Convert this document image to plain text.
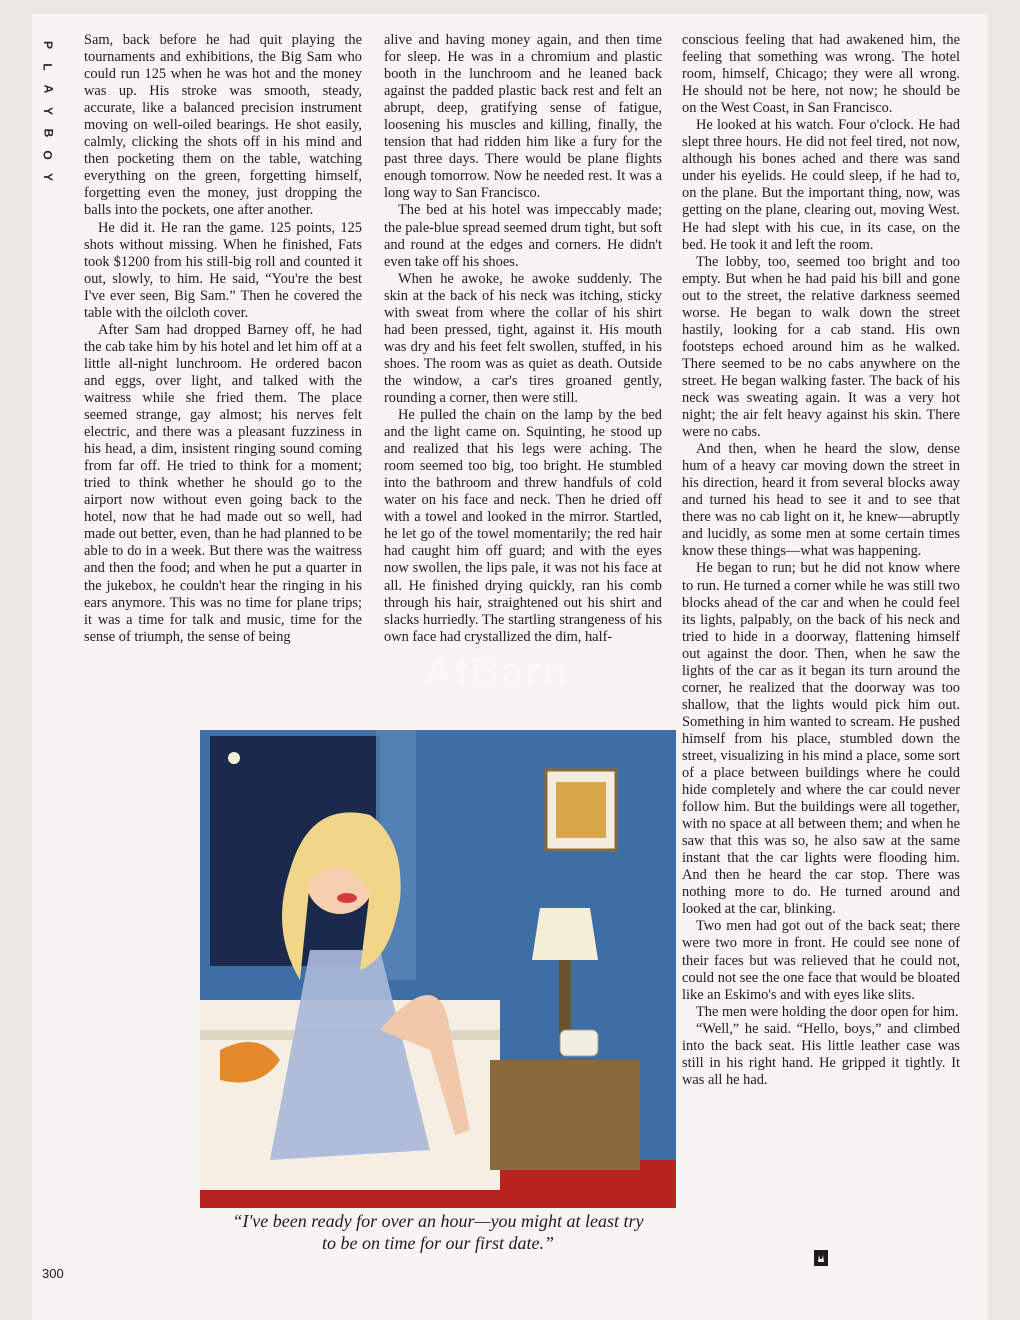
P
L
A
Y
B
O
Y

Sam, back before he had quit playing the tournaments and exhibitions, the Big Sam who could run 125 when he was hot and the money was up. His stroke was smooth, steady, accurate, like a balanced precision instrument moving on well-oiled bearings. He shot easily, calmly, clicking the shots off in his mind and then pocketing them on the table, watching everything on the green, forgetting himself, forgetting even the money, just dropping the balls into the pockets, one after another.

He did it. He ran the game. 125 points, 125 shots without missing. When he finished, Fats took $1200 from his still-big roll and counted it out, slowly, to him. He said, “You're the best I've ever seen, Big Sam.” Then he covered the table with the oilcloth cover.

After Sam had dropped Barney off, he had the cab take him by his hotel and let him off at a little all-night lunchroom. He ordered bacon and eggs, over light, and talked with the waitress while she fried them. The place seemed strange, gay almost; his nerves felt electric, and there was a pleasant fuzziness in his head, a dim, insistent ringing sound coming from far off. He tried to think for a moment; tried to think whether he should go to the airport now without even going back to the hotel, now that he had made out so well, had made out better, even, than he had planned to be able to do in a week. But there was the waitress and then the food; and when he put a quarter in the jukebox, he couldn't hear the ringing in his ears anymore. This was no time for plane trips; it was a time for talk and music, time for the sense of triumph, the sense of being

alive and having money again, and then time for sleep. He was in a chromium and plastic booth in the lunchroom and he leaned back against the padded plastic back rest and felt an abrupt, deep, gratifying sense of fatigue, loosening his muscles and killing, finally, the tension that had ridden him like a fury for the past three days. There would be plane flights enough tomorrow. Now he needed rest. It was a long way to San Francisco.

The bed at his hotel was impeccably made; the pale-blue spread seemed drum tight, but soft and round at the edges and corners. He didn't even take off his shoes.

When he awoke, he awoke suddenly. The skin at the back of his neck was itching, sticky with sweat from where the collar of his shirt had been pressed, tight, against it. His mouth was dry and his feet felt swollen, stuffed, in his shoes. The room was as quiet as death. Outside the window, a car's tires groaned gently, rounding a corner, then were still.

He pulled the chain on the lamp by the bed and the light came on. Squinting, he stood up and realized that his legs were aching. The room seemed too big, too bright. He stumbled into the bathroom and threw handfuls of cold water on his face and neck. Then he dried off with a towel and looked in the mirror. Startled, he let go of the towel momentarily; the red hair had caught him off guard; and with the eyes now swollen, the lips pale, it was not his face at all. He finished drying quickly, ran his comb through his hair, straightened out his shirt and slacks hurriedly. The startling strangeness of his own face had crystallized the dim, half-

conscious feeling that had awakened him, the feeling that something was wrong. The hotel room, himself, Chicago; they were all wrong. He should not be here, not now; he should be on the West Coast, in San Francisco.

He looked at his watch. Four o'clock. He had slept three hours. He did not feel tired, not now, although his bones ached and there was sand under his eyelids. He could sleep, if he had to, on the plane. But the important thing, now, was getting on the plane, clearing out, moving West. He had slept with his cue, in its case, on the bed. He took it and left the room.

The lobby, too, seemed too bright and too empty. But when he had paid his bill and gone out to the street, the relative darkness seemed worse. He began to walk down the street hastily, looking for a cab stand. His own footsteps echoed around him as he walked. There seemed to be no cabs anywhere on the street. He began walking faster. The back of his neck was sweating again. It was a very hot night; the air felt heavy against his skin. There were no cabs.

And then, when he heard the slow, dense hum of a heavy car moving down the street in his direction, heard it from several blocks away and turned his head to see it and to see that there was no cab light on it, he knew—abruptly and lucidly, as some men at some certain times know these things—what was happening.

He began to run; but he did not know where to run. He turned a corner while he was still two blocks ahead of the car and when he could feel its lights, palpably, on the back of his neck and tried to hide in a doorway, flattening himself out against the door. Then, when he saw the lights of the car as it began its turn around the corner, he realized that the doorway was too shallow, that the lights would pick him out. Something in him wanted to scream. He pushed himself from his place, stumbled down the street, visualizing in his mind a place, some sort of a place between buildings where he could hide completely and where the car could never follow him. But the buildings were all together, with no space at all between them; and when he saw that this was so, he also saw at the same instant that the car lights were flooding him. And then he heard the car stop. There was nothing more to do. He turned around and looked at the car, blinking.

Two men had got out of the back seat; there were two more in front. He could see none of their faces but was relieved that he could not, could not see the one face that would be bloated like an Eskimo's and with eyes like slits.

The men were holding the door open for him.

“Well,” he said. “Hello, boys,” and climbed into the back seat. His little leather case was still in his right hand. He gripped it tightly. It was all he had.

“I've been ready for over an hour—you might at least try to be on time for our first date.”
300
AtBarn
